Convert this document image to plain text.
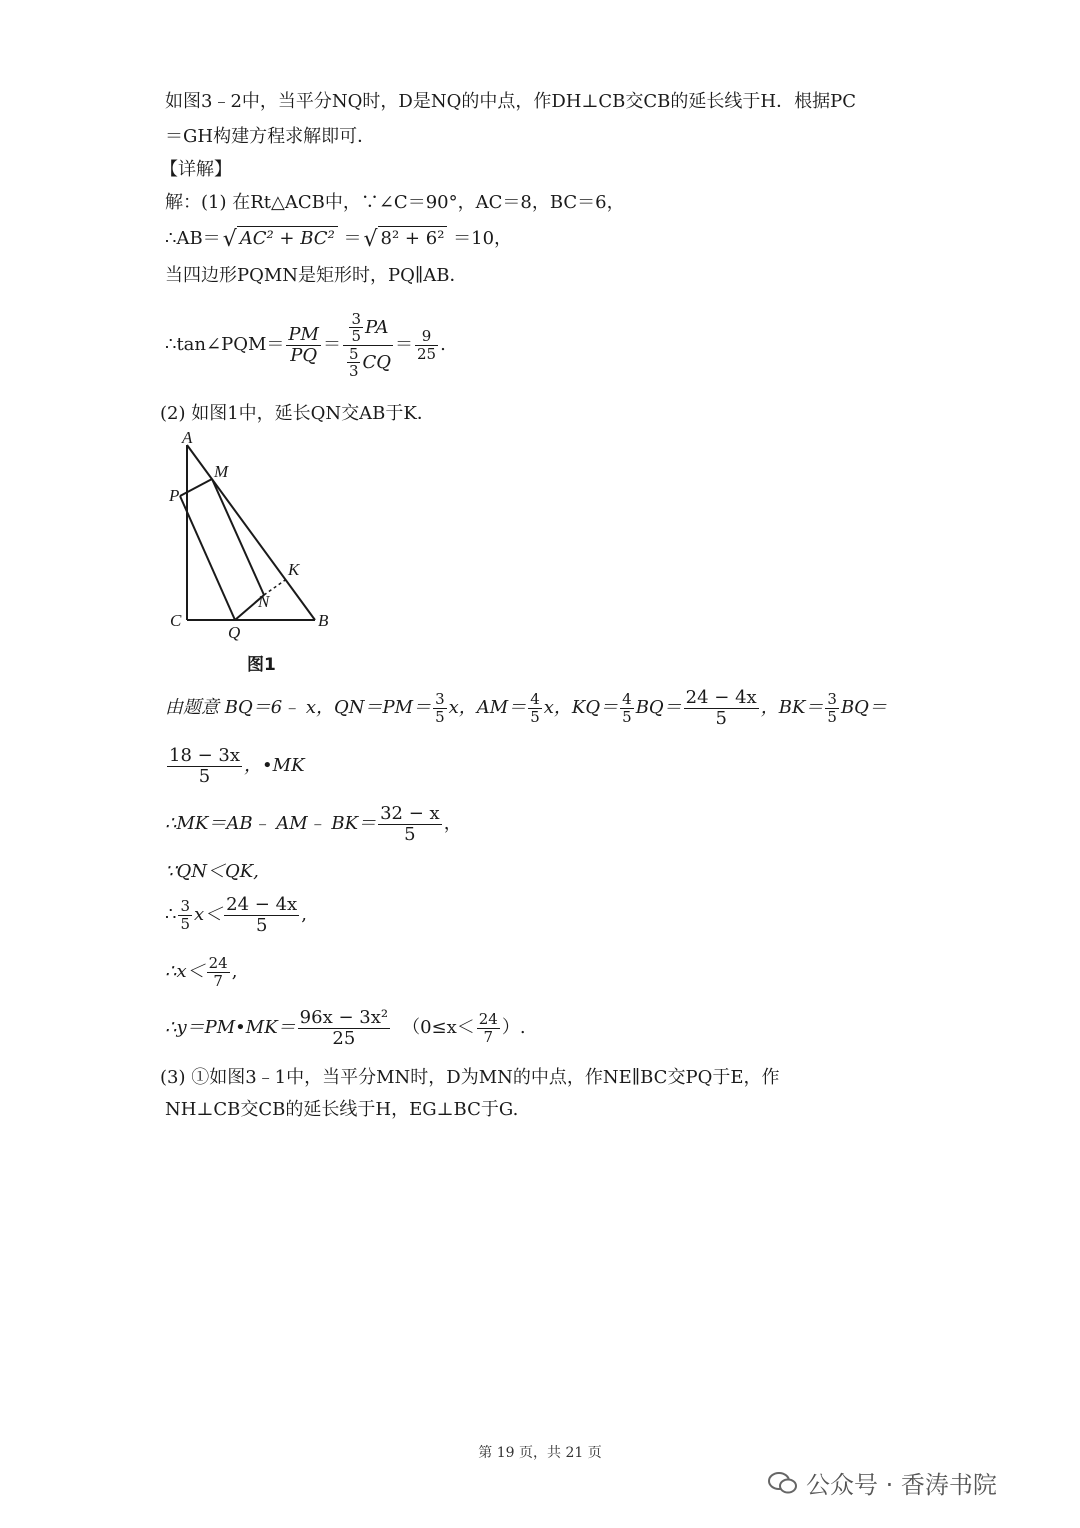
如图3﹣2中，当平分NQ时，D是NQ的中点，作DH⊥CB交CB的延长线于H．根据PC
＝GH构建方程求解即可．
【详解】
解：(1) 在Rt△ACB中，∵∠C＝90°，AC＝8，BC＝6，
∴AB＝√ AC² + BC² ＝√ 8² + 6² ＝10，
当四边形PQMN是矩形时，PQ∥AB．
∴tan∠PQM＝ PM
PQ ＝ $\frac{3}{5}$ PA
$\frac{5}{3}$ CQ
＝ 9
25 .
(2) 如图1中，延长QN交AB于K．
A
M
P
K
N
C
Q
B
图1
由题意 BQ＝6﹣ x，QN＝PM＝ 3
5 x，AM＝ 4
5 x，KQ＝ 4
5 BQ＝ 24 − 4x
5	，BK＝ 3
5 BQ＝
18 − 3x
5	，•MK
∴MK＝AB﹣ AM﹣ BK＝ 32 − x
5	，
∵QN＜QK,
∴ 3
5 x＜ 24 − 4x
5	,
∴x＜ 24
7 ,
∴y＝PM•MK＝ 96x − 3x²
25	（0≤x＜ 24
7 ）.
(3) ①如图3﹣1中，当平分MN时，D为MN的中点，作NE∥BC交PQ于E，作
NH⊥CB交CB的延长线于H，EG⊥BC于G.
第 19 页，共 21 页
公众号 · 香涛书院
